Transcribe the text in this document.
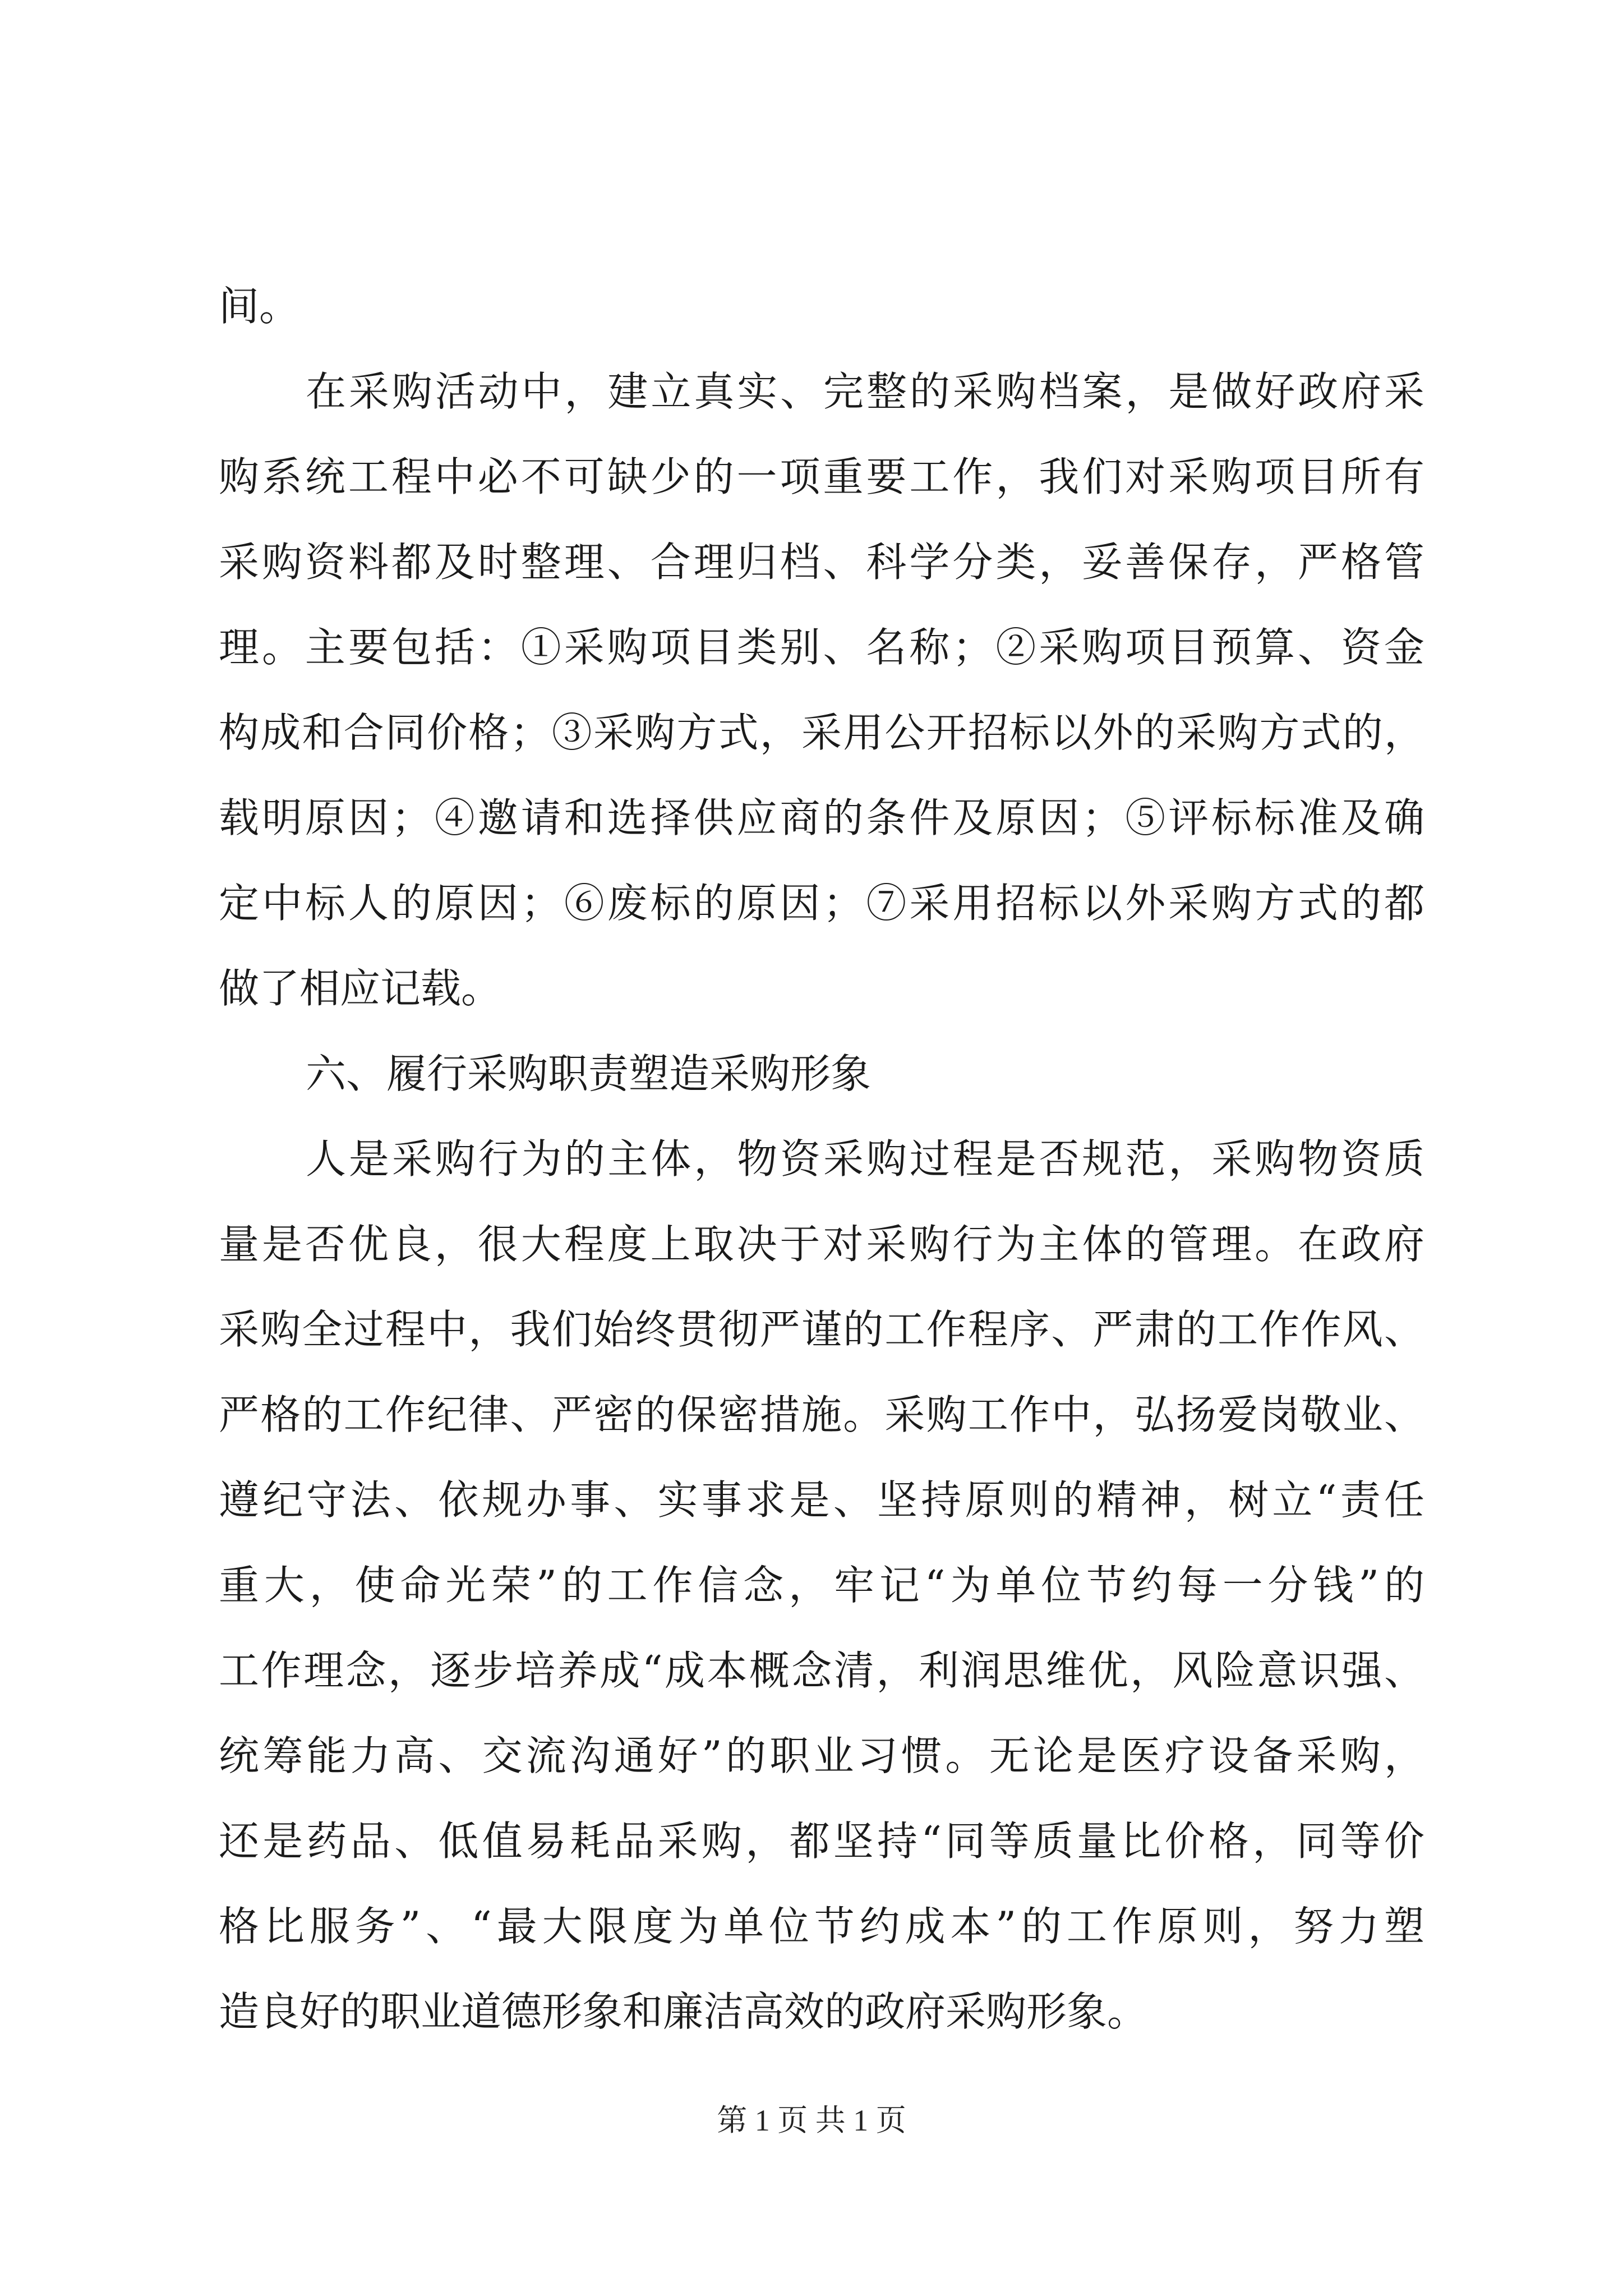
间。
在采购活动中，建立真实、完整的采购档案，是做好政府采
购系统工程中必不可缺少的一项重要工作，我们对采购项目所有
采购资料都及时整理、合理归档、科学分类，妥善保存，严格管
理。主要包括：①采购项目类别、名称；②采购项目预算、资金
构成和合同价格；③采购方式，采用公开招标以外的采购方式的，
载明原因；④邀请和选择供应商的条件及原因；⑤评标标准及确
定中标人的原因；⑥废标的原因；⑦采用招标以外采购方式的都
做了相应记载。
六、履行采购职责塑造采购形象
人是采购行为的主体，物资采购过程是否规范，采购物资质
量是否优良，很大程度上取决于对采购行为主体的管理。在政府
采购全过程中，我们始终贯彻严谨的工作程序、严肃的工作作风、
严格的工作纪律、严密的保密措施。采购工作中，弘扬爱岗敬业、
遵纪守法、依规办事、实事求是、坚持原则的精神，树立“责任
重大，使命光荣”的工作信念，牢记“为单位节约每一分钱”的
工作理念，逐步培养成“成本概念清，利润思维优，风险意识强、
统筹能力高、交流沟通好”的职业习惯。无论是医疗设备采购，
还是药品、低值易耗品采购，都坚持“同等质量比价格，同等价
格比服务”、“最大限度为单位节约成本”的工作原则，努力塑
造良好的职业道德形象和廉洁高效的政府采购形象。
第 1 页 共 1 页
